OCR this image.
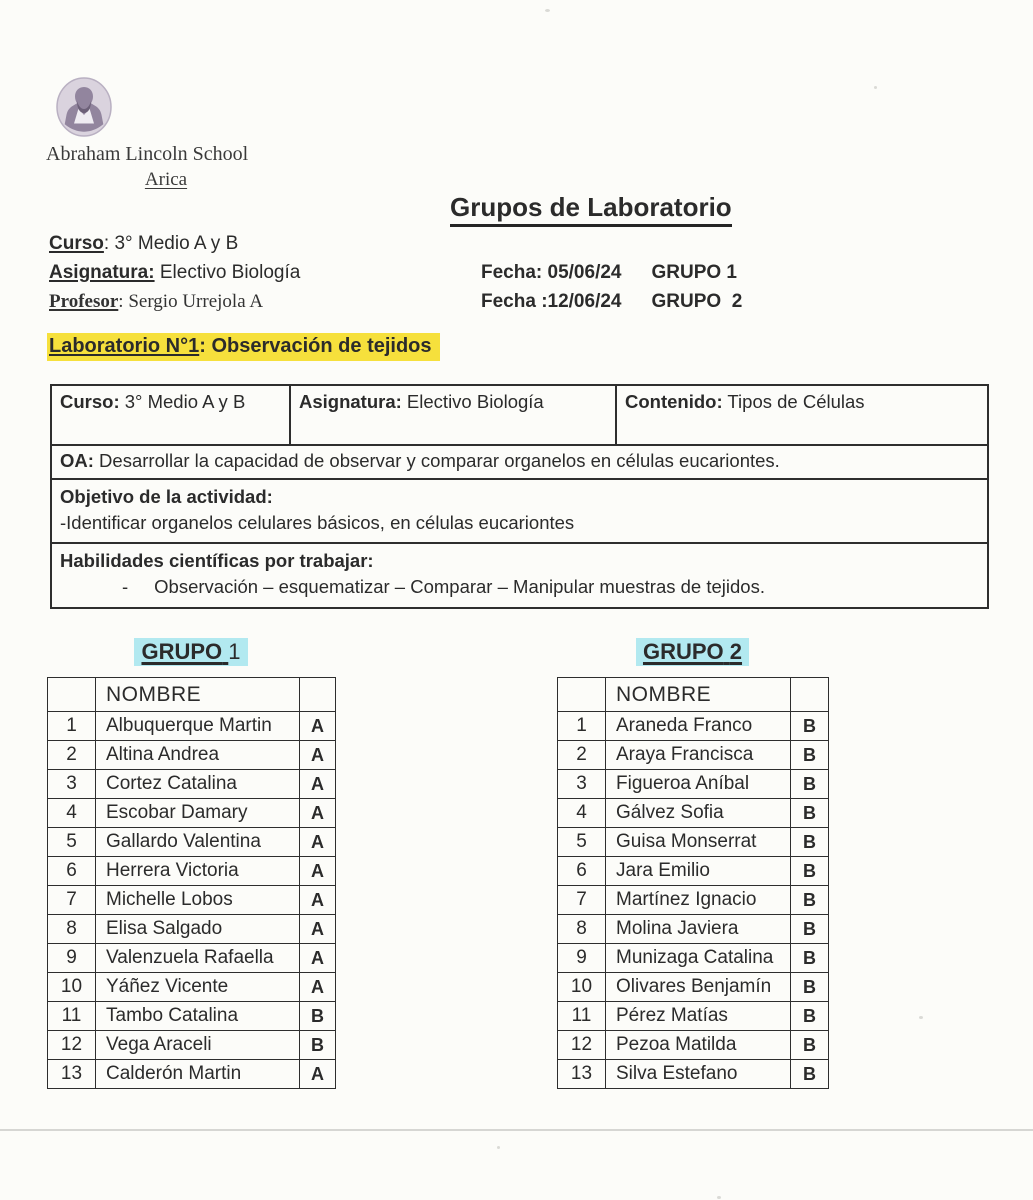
Abraham Lincoln School
Arica
Grupos de Laboratorio
Curso: 3° Medio A y B
Asignatura: Electivo Biología
Profesor: Sergio Urrejola A
Fecha: 05/06/24 GRUPO 1
Fecha :12/06/24 GRUPO  2
Laboratorio N°1: Observación de tejidos
Curso: 3° Medio A y B	Asignatura: Electivo Biología	Contenido: Tipos de Células
OA: Desarrollar la capacidad de observar y comparar organelos en células eucariontes.
Objetivo de la actividad:
-Identificar organelos celulares básicos, en células eucariontes
Habilidades científicas por trabajar:
- Observación – esquematizar – Comparar – Manipular muestras de tejidos.
GRUPO 1
	NOMBRE	
1	Albuquerque Martin	A
2	Altina Andrea	A
3	Cortez Catalina	A
4	Escobar Damary	A
5	Gallardo Valentina	A
6	Herrera Victoria	A
7	Michelle Lobos	A
8	Elisa Salgado	A
9	Valenzuela Rafaella	A
10	Yáñez Vicente	A
11	Tambo Catalina	B
12	Vega Araceli	B
13	Calderón Martin	A
GRUPO 2
	NOMBRE	
1	Araneda Franco	B
2	Araya Francisca	B
3	Figueroa Aníbal	B
4	Gálvez Sofia	B
5	Guisa Monserrat	B
6	Jara Emilio	B
7	Martínez Ignacio	B
8	Molina Javiera	B
9	Munizaga Catalina	B
10	Olivares Benjamín	B
11	Pérez Matías	B
12	Pezoa Matilda	B
13	Silva Estefano	B
